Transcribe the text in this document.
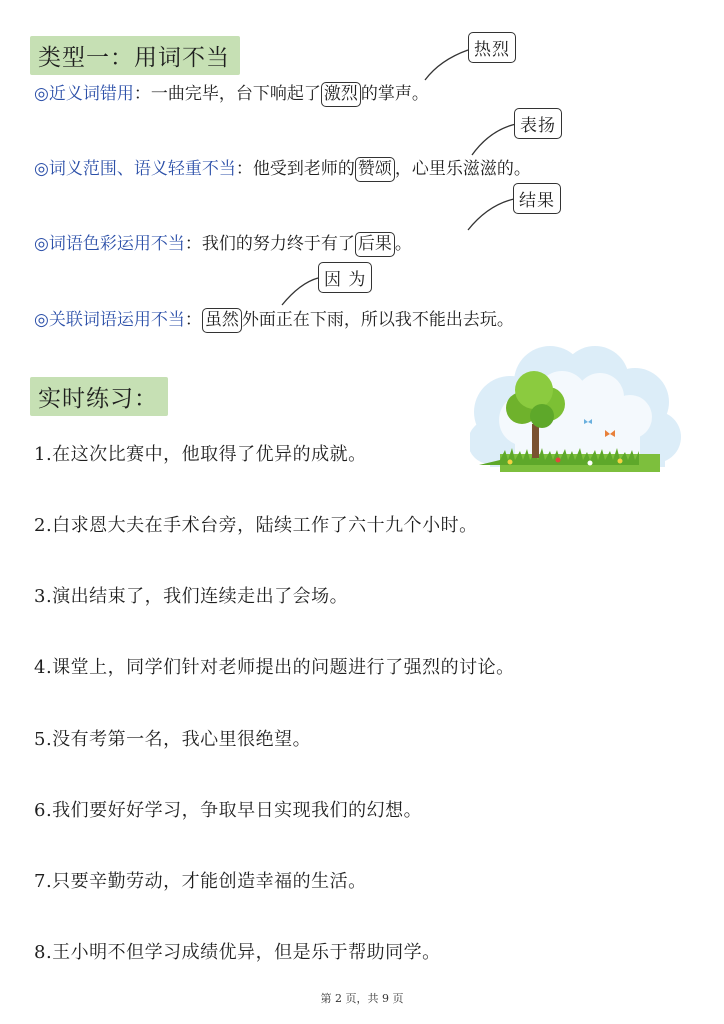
类型一：用词不当	热烈
表扬
结果
因 为
◎近义词错用：一曲完毕，台下响起了 激烈 的掌声。
◎词义范围、语义轻重不当：他受到老师的 赞颂 ，心里乐滋滋的。
◎词语色彩运用不当：我们的努力终于有了 后果 。
◎关联词语运用不当： 虽然 外面正在下雨，所以我不能出去玩。
实时练习：
1.在这次比赛中，他取得了优异的成就。
2.白求恩大夫在手术台旁，陆续工作了六十九个小时。
3.演出结束了，我们连续走出了会场。
4.课堂上，同学们针对老师提出的问题进行了强烈的讨论。
5.没有考第一名，我心里很绝望。
6.我们要好好学习，争取早日实现我们的幻想。
7.只要辛勤劳动，才能创造幸福的生活。
8.王小明不但学习成绩优异，但是乐于帮助同学。
第 2 页，共 9 页
